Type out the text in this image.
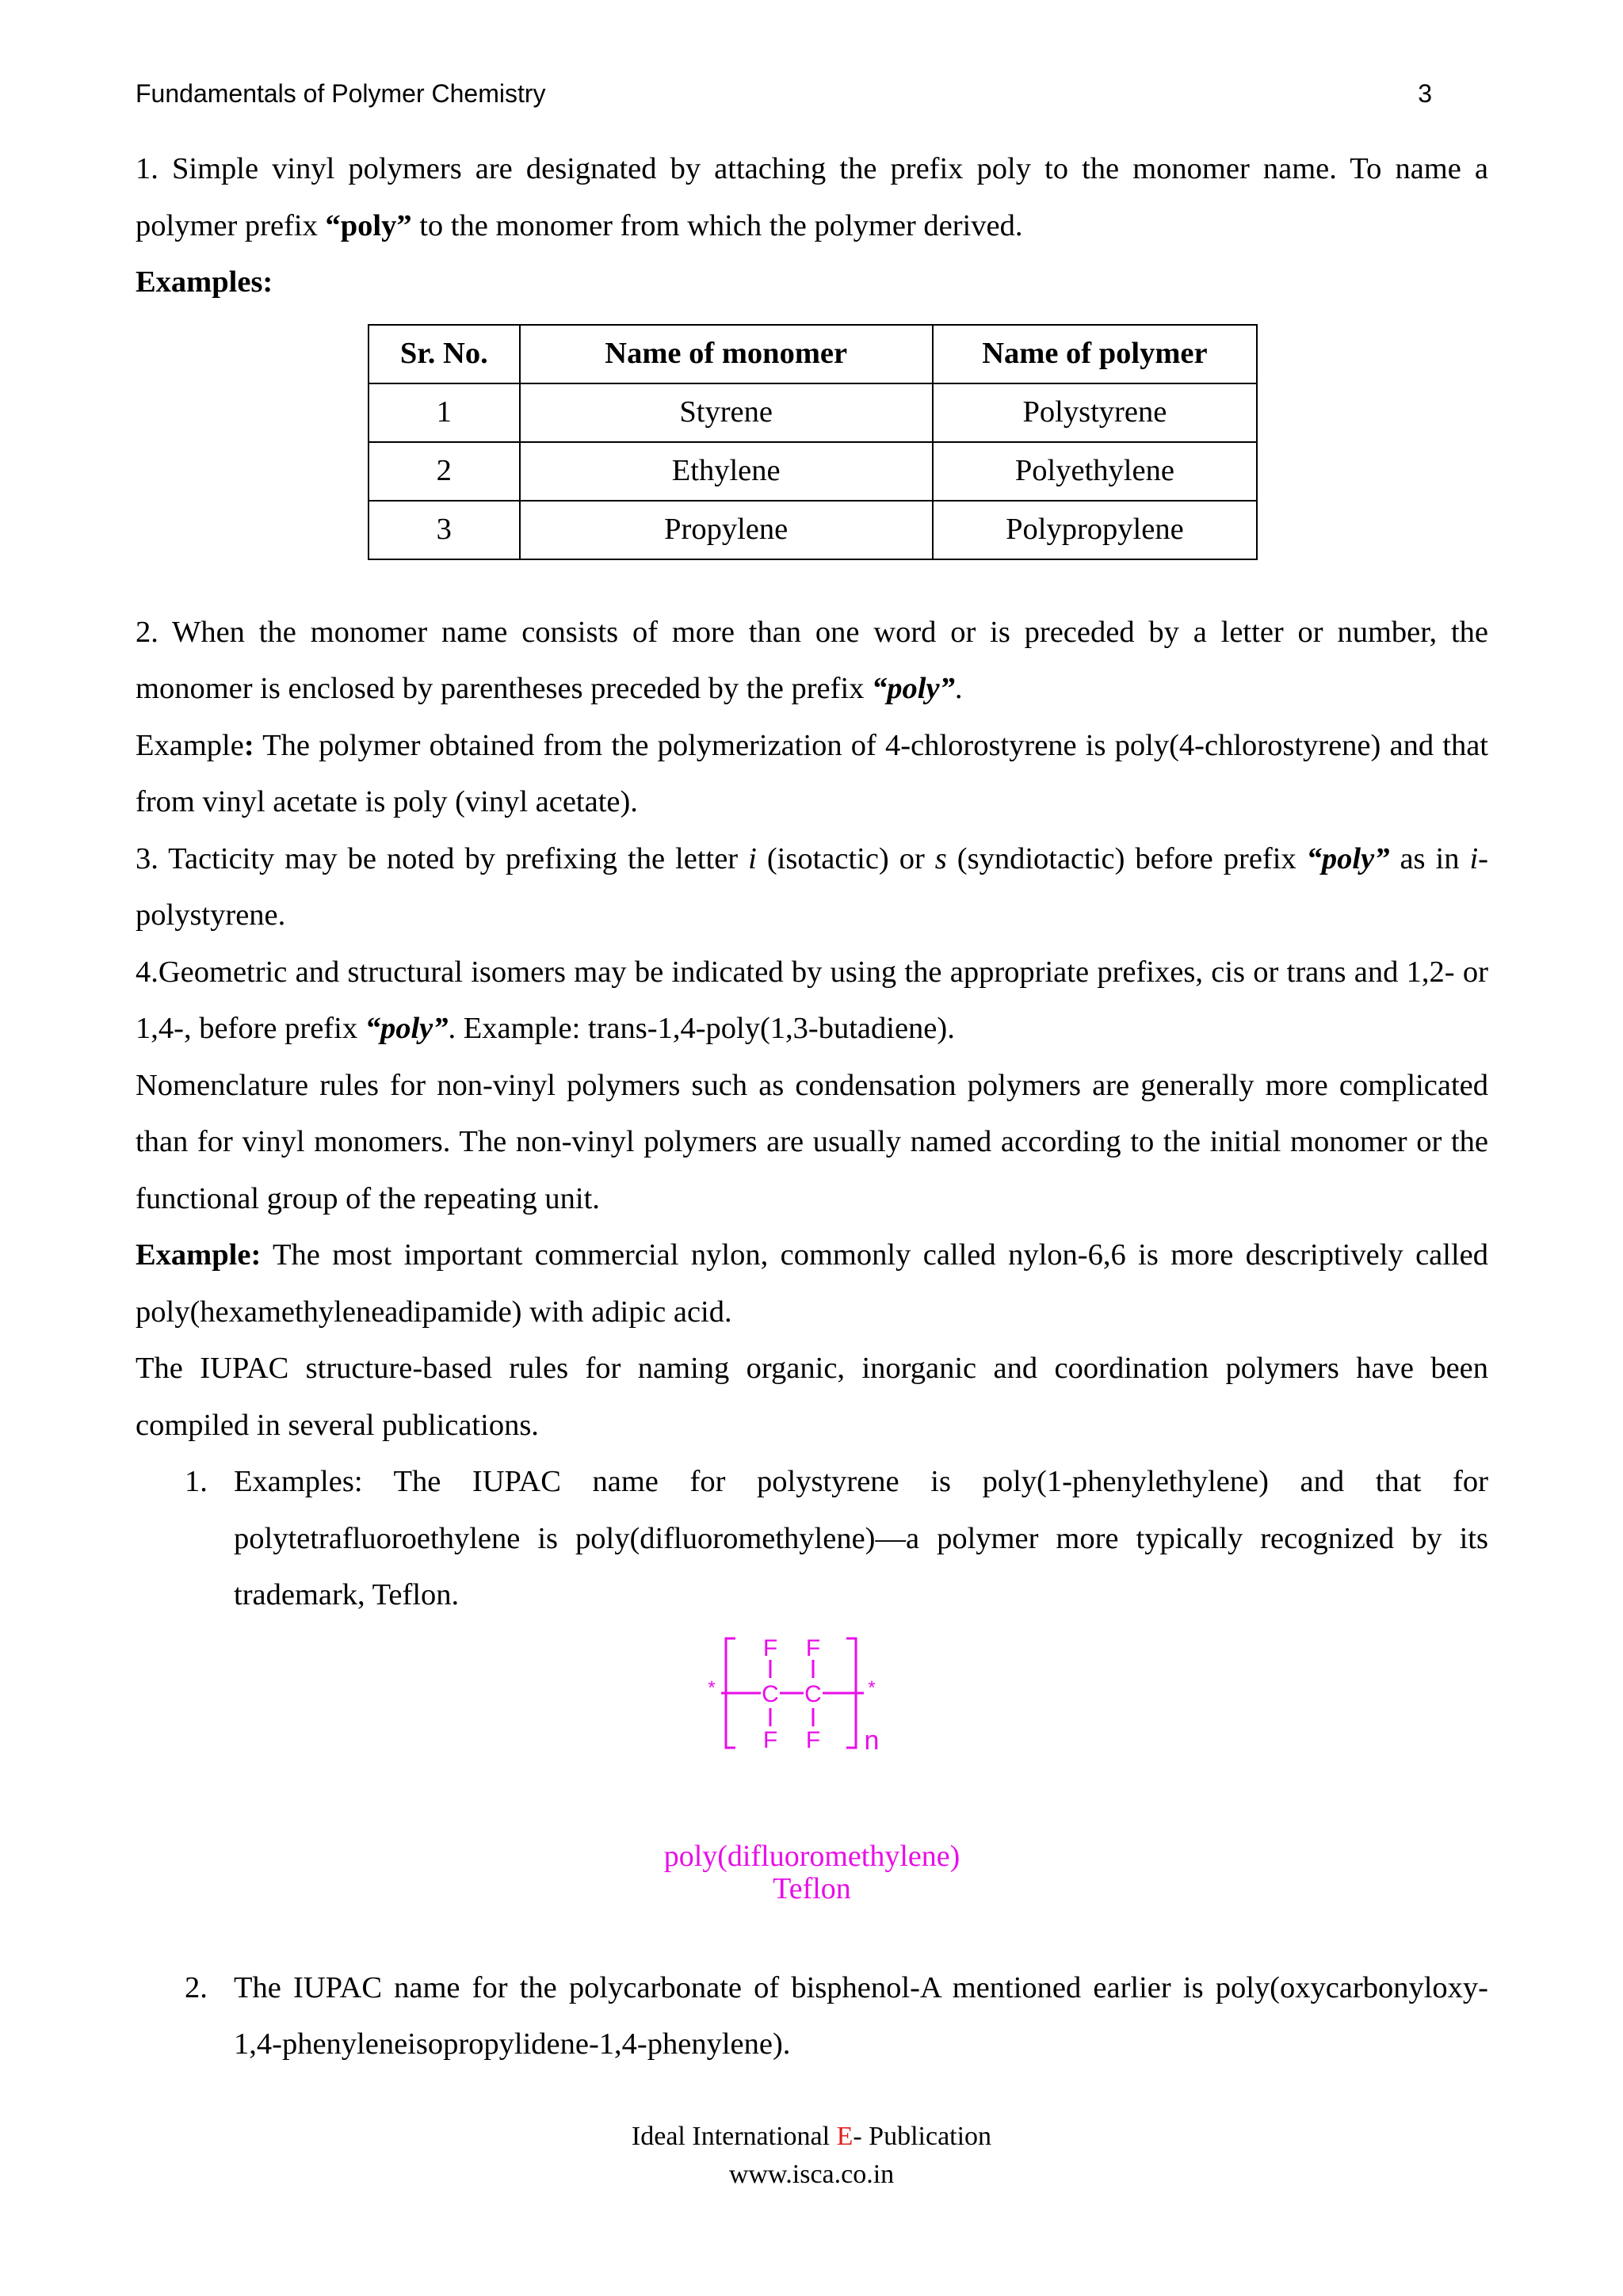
Fundamentals of Polymer Chemistry	3

1. Simple vinyl polymers are designated by attaching the prefix poly to the monomer name. To name a polymer prefix “poly” to the monomer from which the polymer derived.

Examples:

Sr. No.	Name of monomer	Name of polymer
1	Styrene	Polystyrene
2	Ethylene	Polyethylene
3	Propylene	Polypropylene

2. When the monomer name consists of more than one word or is preceded by a letter or number, the monomer is enclosed by parentheses preceded by the prefix “poly”.

Example: The polymer obtained from the polymerization of 4-chlorostyrene is poly(4-chlorostyrene) and that from vinyl acetate is poly (vinyl acetate).

3. Tacticity may be noted by prefixing the letter i (isotactic) or s (syndiotactic) before prefix “poly” as in i-polystyrene.

4.Geometric and structural isomers may be indicated by using the appropriate prefixes, cis or trans and 1,2- or 1,4-, before prefix “poly”. Example: trans-1,4-poly(1,3-butadiene).

Nomenclature rules for non-vinyl polymers such as condensation polymers are generally more complicated than for vinyl monomers. The non-vinyl polymers are usually named according to the initial monomer or the functional group of the repeating unit.

Example: The most important commercial nylon, commonly called nylon-6,6 is more descriptively called poly(hexamethyleneadipamide) with adipic acid.

The IUPAC structure-based rules for naming organic, inorganic and coordination polymers have been compiled in several publications.

1. Examples: The IUPAC name for polystyrene is poly(1-phenylethylene) and that for polytetrafluoroethylene is poly(difluoromethylene)—a polymer more typically recognized by its trademark, Teflon.

F F
C C
F F
*	*
n
poly(difluoromethylene)
Teflon

2. The IUPAC name for the polycarbonate of bisphenol-A mentioned earlier is poly(oxycarbonyloxy-1,4-phenyleneisopropylidene-1,4-phenylene).

Ideal International E- Publication
www.isca.co.in
